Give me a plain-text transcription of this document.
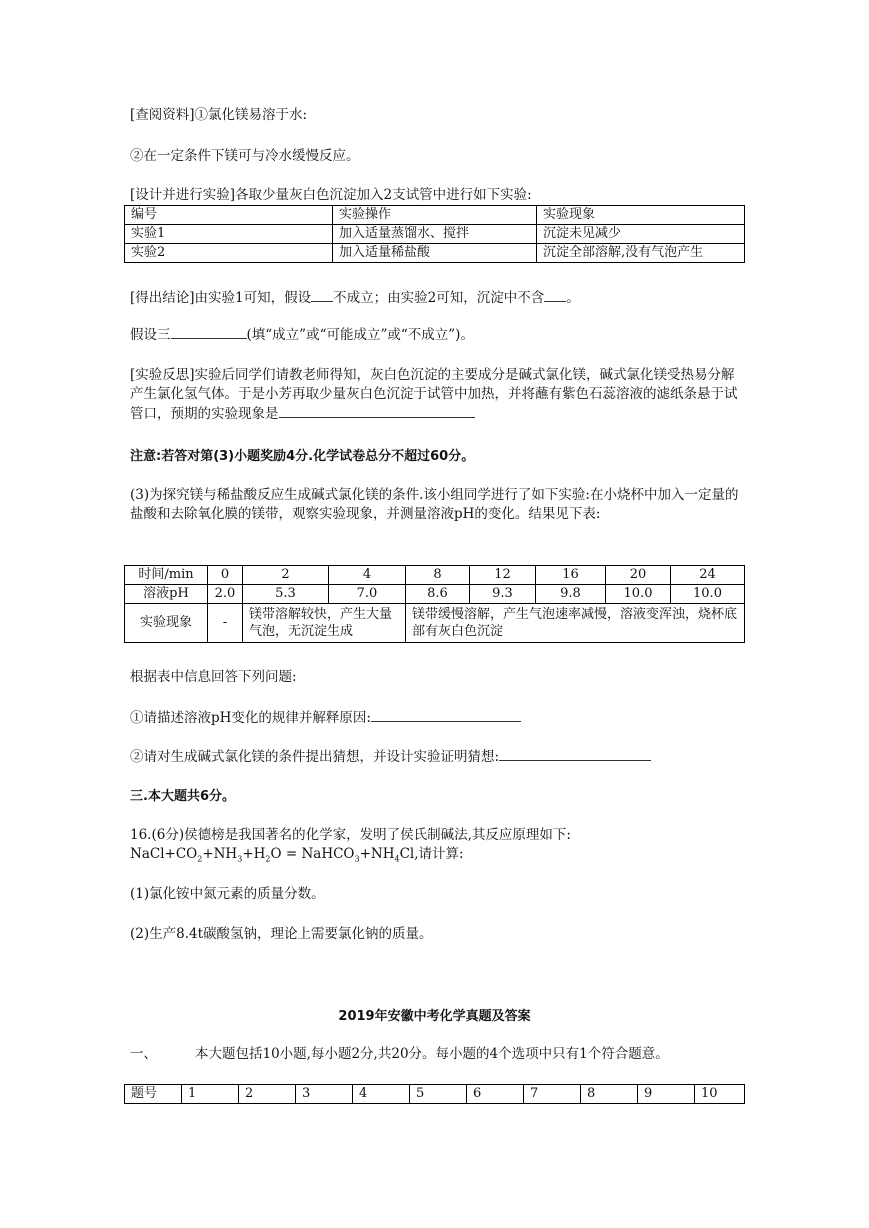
[查阅资料]①氯化镁易溶于水:
②在一定条件下镁可与冷水缓慢反应。
[设计并进行实验]各取少量灰白色沉淀加入2支试管中进行如下实验:
编号	实验操作	实验现象
实验1	加入适量蒸馏水、搅拌	沉淀未见减少
实验2	加入适量稀盐酸	沉淀全部溶解,没有气泡产生
[得出结论]由实验1可知，假设 不成立；由实验2可知，沉淀中不含 。
假设三	(填“成立”或“可能成立”或“不成立”)。
[实验反思]实验后同学们请教老师得知，灰白色沉淀的主要成分是碱式氯化镁，碱式氯化镁受热易分解产生氯化氢气体。于是小芳再取少量灰白色沉淀于试管中加热，并将蘸有紫色石蕊溶液的滤纸条悬于试管口，预期的实验现象是
注意:若答对第(3)小题奖励4分.化学试卷总分不超过60分。
(3)为探究镁与稀盐酸反应生成碱式氯化镁的条件.该小组同学进行了如下实验:在小烧杯中加入一定量的盐酸和去除氧化膜的镁带，观察实验现象，并测量溶液pH的变化。结果见下表:
时间/min	0	2	4	8	12	16	20	24
溶液pH	2.0	5.3	7.0	8.6	9.3	9.8	10.0	10.0
实验现象	-	镁带溶解较快，产生大量气泡，无沉淀生成		镁带缓慢溶解，产生气泡速率减慢，溶液变浑浊，烧杯底部有灰白色沉淀				
根据表中信息回答下列问题:
①请描述溶液pH变化的规律并解释原因:
②请对生成碱式氯化镁的条件提出猜想，并设计实验证明猜想:
三.本大题共6分。
16.(6分)侯德榜是我国著名的化学家，发明了侯氏制碱法,其反应原理如下:
$NaCl+CO_2+NH_3+H_2O$ = $NaHCO_3+NH_4Cl$,请计算:
(1)氯化铵中氮元素的质量分数。
(2)生产8.4t碳酸氢钠，理论上需要氯化钠的质量。
2019年安徽中考化学真题及答案
一、	本大题包括10小题,每小题2分,共20分。每小题的4个选项中只有1个符合题意。
题号	1	2	3	4	5	6	7	8	9	10
